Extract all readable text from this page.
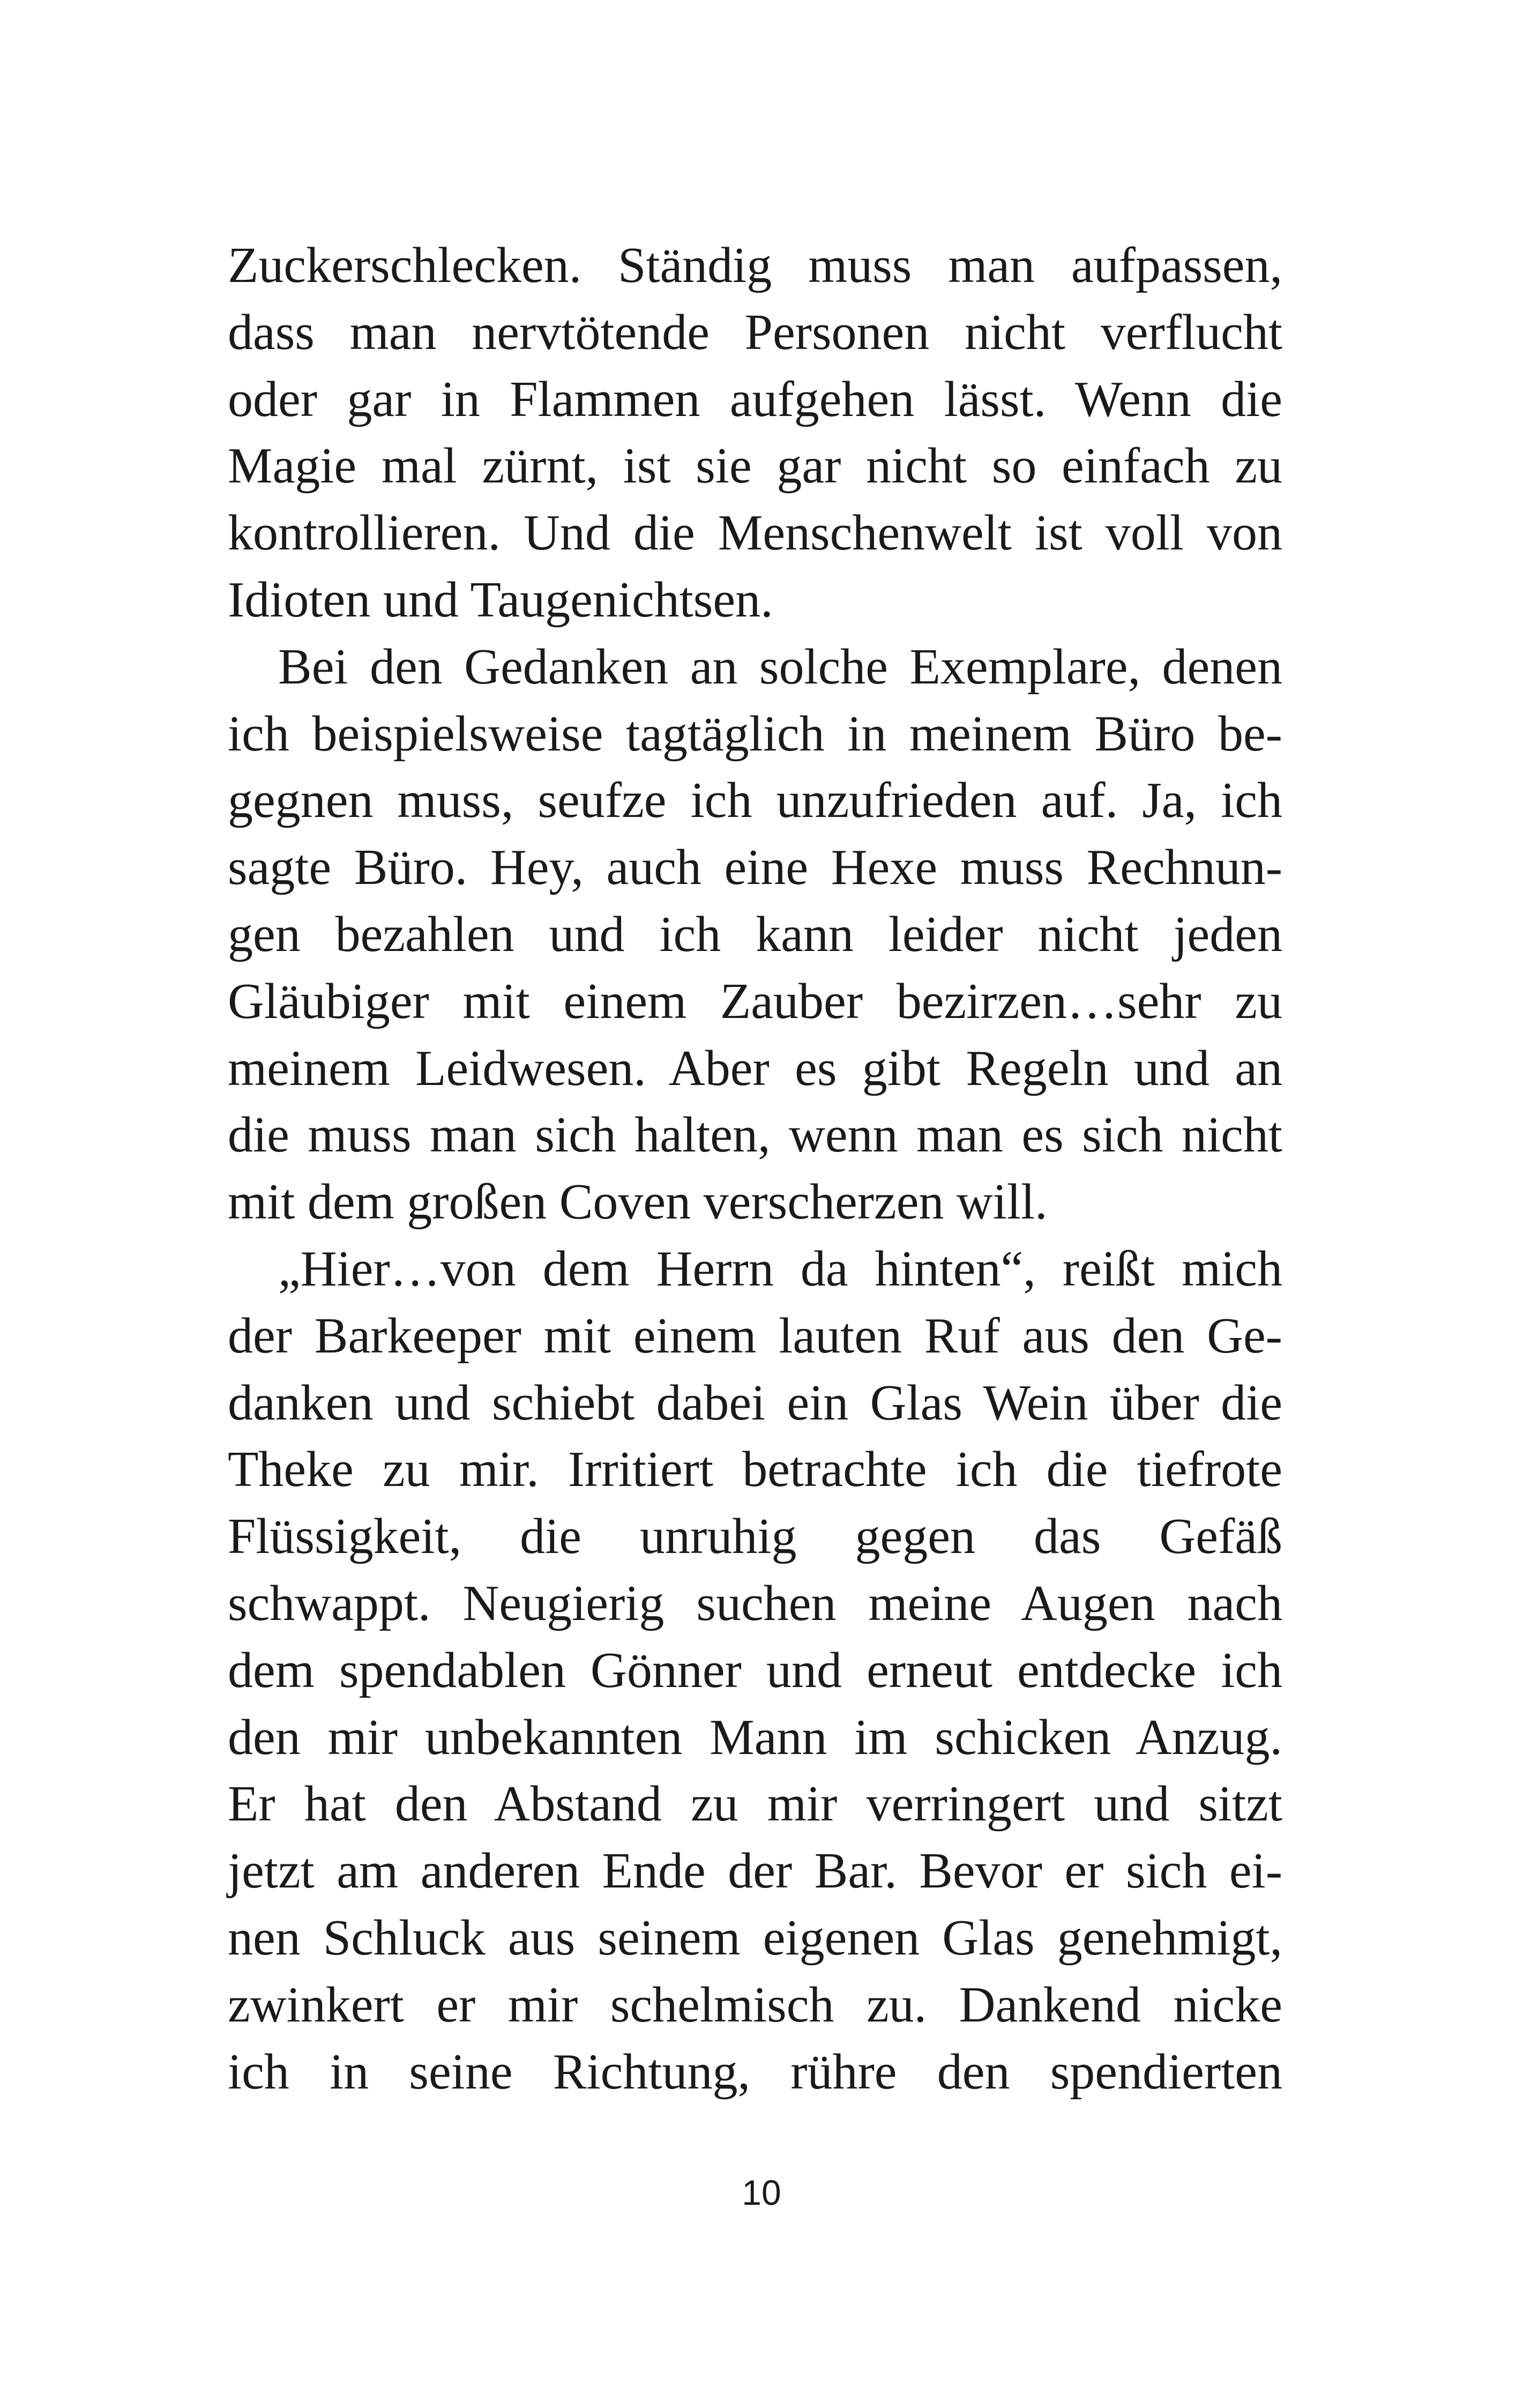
Zuckerschlecken. Ständig muss man aufpassen,
dass man nervtötende Personen nicht verflucht
oder gar in Flammen aufgehen lässt. Wenn die
Magie mal zürnt, ist sie gar nicht so einfach zu
kontrollieren. Und die Menschenwelt ist voll von
Idioten und Taugenichtsen.
Bei den Gedanken an solche Exemplare, denen
ich beispielsweise tagtäglich in meinem Büro be-
gegnen muss, seufze ich unzufrieden auf. Ja, ich
sagte Büro. Hey, auch eine Hexe muss Rechnun-
gen bezahlen und ich kann leider nicht jeden
Gläubiger mit einem Zauber bezirzen…sehr zu
meinem Leidwesen. Aber es gibt Regeln und an
die muss man sich halten, wenn man es sich nicht
mit dem großen Coven verscherzen will.
„Hier…von dem Herrn da hinten“, reißt mich
der Barkeeper mit einem lauten Ruf aus den Ge-
danken und schiebt dabei ein Glas Wein über die
Theke zu mir. Irritiert betrachte ich die tiefrote
Flüssigkeit, die unruhig gegen das Gefäß
schwappt. Neugierig suchen meine Augen nach
dem spendablen Gönner und erneut entdecke ich
den mir unbekannten Mann im schicken Anzug.
Er hat den Abstand zu mir verringert und sitzt
jetzt am anderen Ende der Bar. Bevor er sich ei-
nen Schluck aus seinem eigenen Glas genehmigt,
zwinkert er mir schelmisch zu. Dankend nicke
ich in seine Richtung, rühre den spendierten
10
